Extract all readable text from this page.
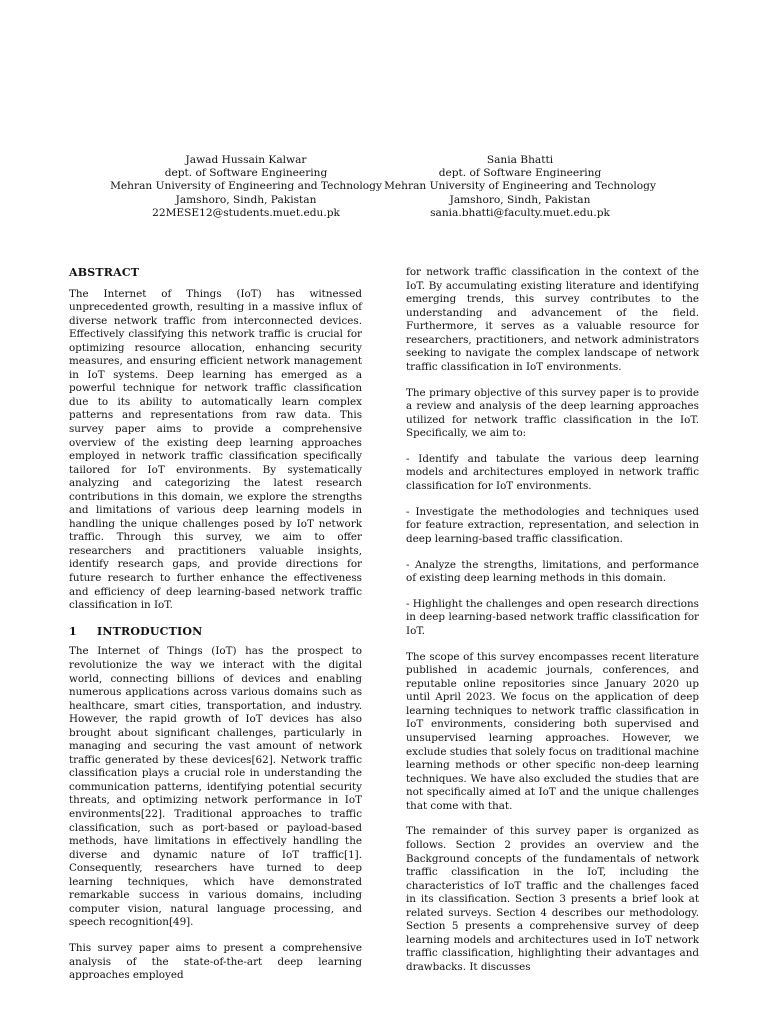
Jawad Hussain Kalwar
dept. of Software Engineering
Mehran University of Engineering and Technology
Jamshoro, Sindh, Pakistan
22MESE12@students.muet.edu.pk
Sania Bhatti
dept. of Software Engineering
Mehran University of Engineering and Technology
Jamshoro, Sindh, Pakistan
sania.bhatti@faculty.muet.edu.pk
ABSTRACT

The Internet of Things (IoT) has witnessed unprecedented growth, resulting in a massive influx of diverse network traffic from interconnected devices. Effectively classifying this network traffic is crucial for optimizing resource allocation, enhancing security measures, and ensuring efficient network management in IoT systems. Deep learning has emerged as a powerful technique for network traffic classification due to its ability to automatically learn complex patterns and representations from raw data. This survey paper aims to provide a comprehensive overview of the existing deep learning approaches employed in network traffic classification specifically tailored for IoT environments. By systematically analyzing and categorizing the latest research contributions in this domain, we explore the strengths and limitations of various deep learning models in handling the unique challenges posed by IoT network traffic. Through this survey, we aim to offer researchers and practitioners valuable insights, identify research gaps, and provide directions for future research to further enhance the effectiveness and efficiency of deep learning-based network traffic classification in IoT.

1 INTRODUCTION

The Internet of Things (IoT) has the prospect to revolutionize the way we interact with the digital world, connecting billions of devices and enabling numerous applications across various domains such as healthcare, smart cities, transportation, and industry. However, the rapid growth of IoT devices has also brought about significant challenges, particularly in managing and securing the vast amount of network traffic generated by these devices[62]. Network traffic classification plays a crucial role in understanding the communication patterns, identifying potential security threats, and optimizing network performance in IoT environments[22]. Traditional approaches to traffic classification, such as port-based or payload-based methods, have limitations in effectively handling the diverse and dynamic nature of IoT traffic[1]. Consequently, researchers have turned to deep learning techniques, which have demonstrated remarkable success in various domains, including computer vision, natural language processing, and speech recognition[49].

This survey paper aims to present a comprehensive analysis of the state-of-the-art deep learning approaches employed

for network traffic classification in the context of the IoT. By accumulating existing literature and identifying emerging trends, this survey contributes to the understanding and advancement of the field. Furthermore, it serves as a valuable resource for researchers, practitioners, and network administrators seeking to navigate the complex landscape of network traffic classification in IoT environments.

The primary objective of this survey paper is to provide a review and analysis of the deep learning approaches utilized for network traffic classification in the IoT. Specifically, we aim to:

- Identify and tabulate the various deep learning models and architectures employed in network traffic classification for IoT environments.

- Investigate the methodologies and techniques used for feature extraction, representation, and selection in deep learning-based traffic classification.

- Analyze the strengths, limitations, and performance of existing deep learning methods in this domain.

- Highlight the challenges and open research directions in deep learning-based network traffic classification for IoT.

The scope of this survey encompasses recent literature published in academic journals, conferences, and reputable online repositories since January 2020 up until April 2023. We focus on the application of deep learning techniques to network traffic classification in IoT environments, considering both supervised and unsupervised learning approaches. However, we exclude studies that solely focus on traditional machine learning methods or other specific non-deep learning techniques. We have also excluded the studies that are not specifically aimed at IoT and the unique challenges that come with that.

The remainder of this survey paper is organized as follows. Section 2 provides an overview and the Background concepts of the fundamentals of network traffic classification in the IoT, including the characteristics of IoT traffic and the challenges faced in its classification. Section 3 presents a brief look at related surveys. Section 4 describes our methodology. Section 5 presents a comprehensive survey of deep learning models and architectures used in IoT network traffic classification, highlighting their advantages and drawbacks. It discusses
